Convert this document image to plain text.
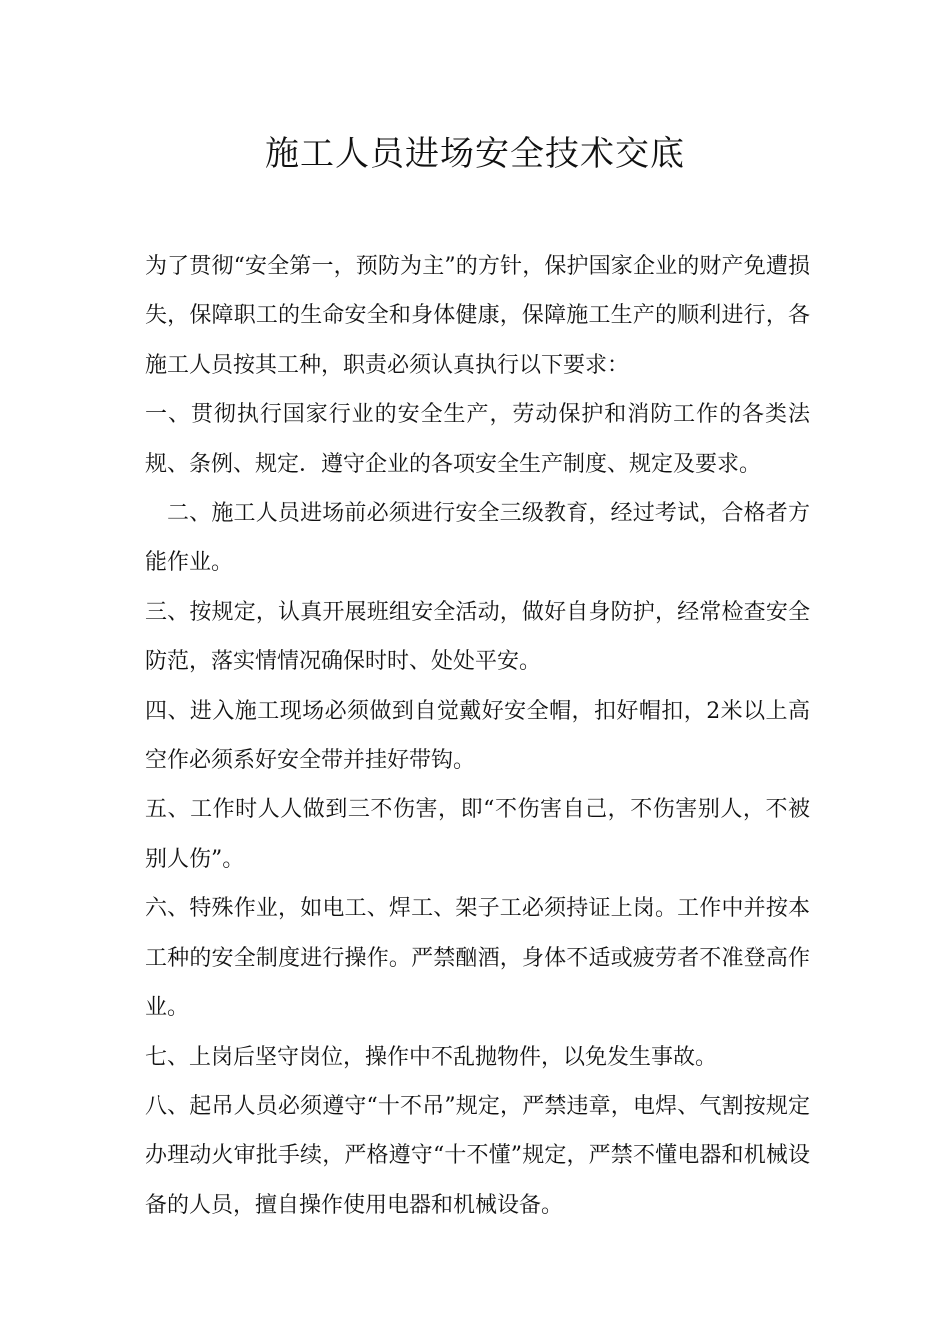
施工人员进场安全技术交底

为了贯彻“安全第一，预防为主”的方针，保护国家企业的财产免遭损失，保障职工的生命安全和身体健康，保障施工生产的顺利进行，各施工人员按其工种，职责必须认真执行以下要求：

一、贯彻执行国家行业的安全生产，劳动保护和消防工作的各类法规、条例、规定．遵守企业的各项安全生产制度、规定及要求。

二、施工人员进场前必须进行安全三级教育，经过考试，合格者方能作业。

三、按规定，认真开展班组安全活动，做好自身防护，经常检查安全防范，落实情情况确保时时、处处平安。

四、进入施工现场必须做到自觉戴好安全帽，扣好帽扣，2米以上高空作必须系好安全带并挂好带钩。

五、工作时人人做到三不伤害，即“不伤害自己，不伤害别人，不被别人伤”。

六、特殊作业，如电工、焊工、架子工必须持证上岗。工作中并按本工种的安全制度进行操作。严禁酗酒，身体不适或疲劳者不准登高作业。

七、上岗后坚守岗位，操作中不乱抛物件，以免发生事故。

八、起吊人员必须遵守“十不吊”规定，严禁违章，电焊、气割按规定办理动火审批手续，严格遵守“十不懂”规定，严禁不懂电器和机械设备的人员，擅自操作使用电器和机械设备。
